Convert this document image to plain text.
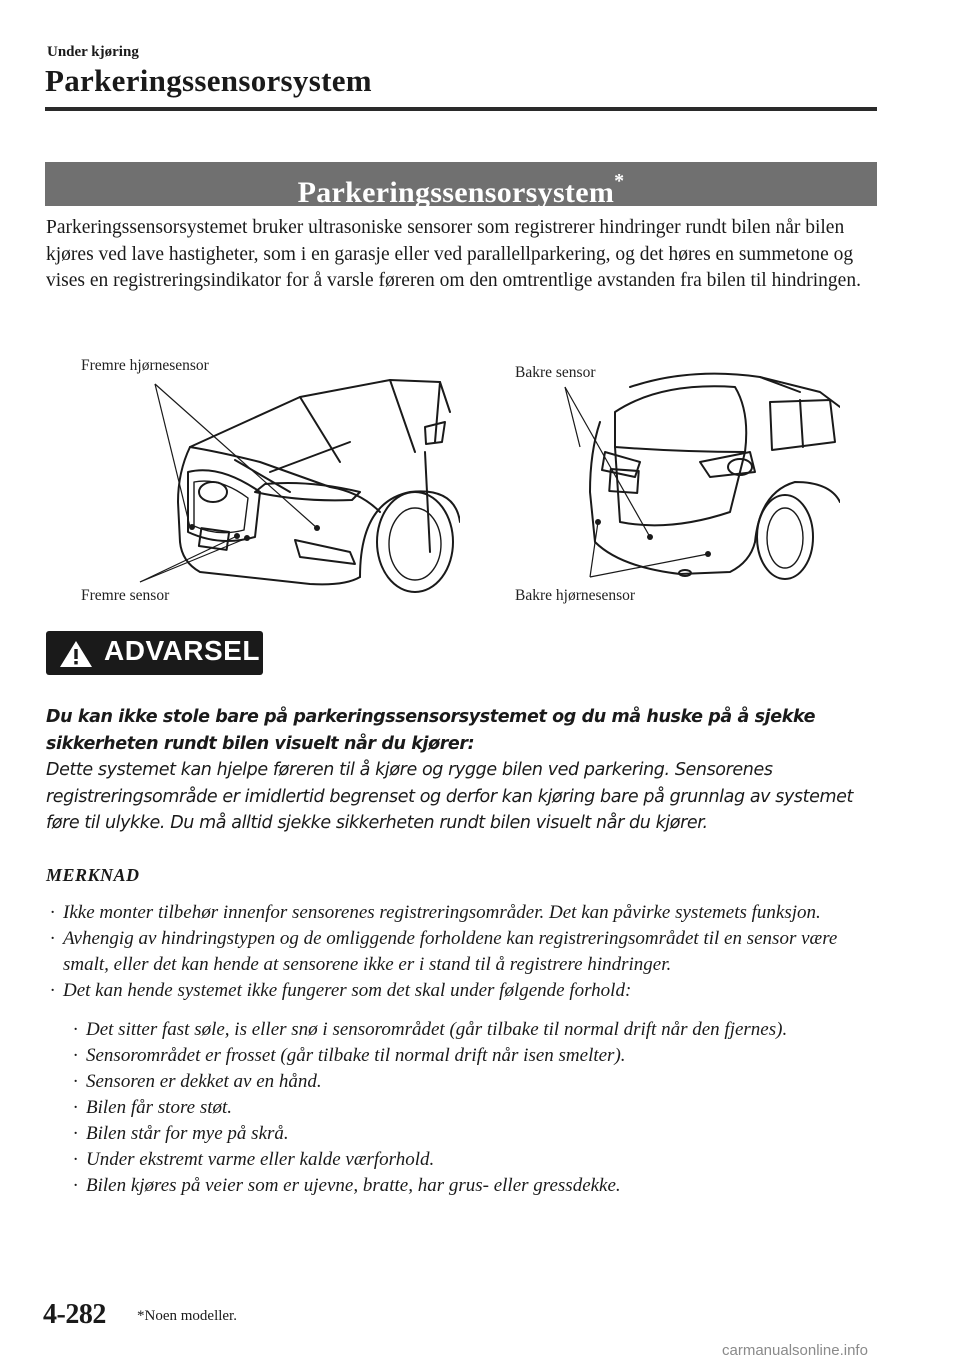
Under kjøring
Parkeringssensorsystem
Parkeringssensorsystem*
Parkeringssensorsystemet bruker ultrasoniske sensorer som registrerer hindringer rundt bilen når bilen kjøres ved lave hastigheter, som i en garasje eller ved parallellparkering, og det høres en summetone og vises en registreringsindikator for å varsle føreren om den omtrentlige avstanden fra bilen til hindringen.
Fremre hjørnesensor
Fremre sensor
Bakre sensor
Bakre hjørnesensor
ADVARSEL
Du kan ikke stole bare på parkeringssensorsystemet og du må huske på å sjekke sikkerheten rundt bilen visuelt når du kjører:
Dette systemet kan hjelpe føreren til å kjøre og rygge bilen ved parkering. Sensorenes registreringsområde er imidlertid begrenset og derfor kan kjøring bare på grunnlag av systemet føre til ulykke. Du må alltid sjekke sikkerheten rundt bilen visuelt når du kjører.
MERKNAD

· Ikke monter tilbehør innenfor sensorenes registreringsområder. Det kan påvirke systemets funksjon.

· Avhengig av hindringstypen og de omliggende forholdene kan registreringsområdet til en sensor være smalt, eller det kan hende at sensorene ikke er i stand til å registrere hindringer.

· Det kan hende systemet ikke fungerer som det skal under følgende forhold:

· Det sitter fast søle, is eller snø i sensorområdet (går tilbake til normal drift når den fjernes).

· Sensorområdet er frosset (går tilbake til normal drift når isen smelter).

· Sensoren er dekket av en hånd.

· Bilen får store støt.

· Bilen står for mye på skrå.

· Under ekstremt varme eller kalde værforhold.

· Bilen kjøres på veier som er ujevne, bratte, har grus- eller gressdekke.

4-282 *Noen modeller.
carmanualsonline.info
